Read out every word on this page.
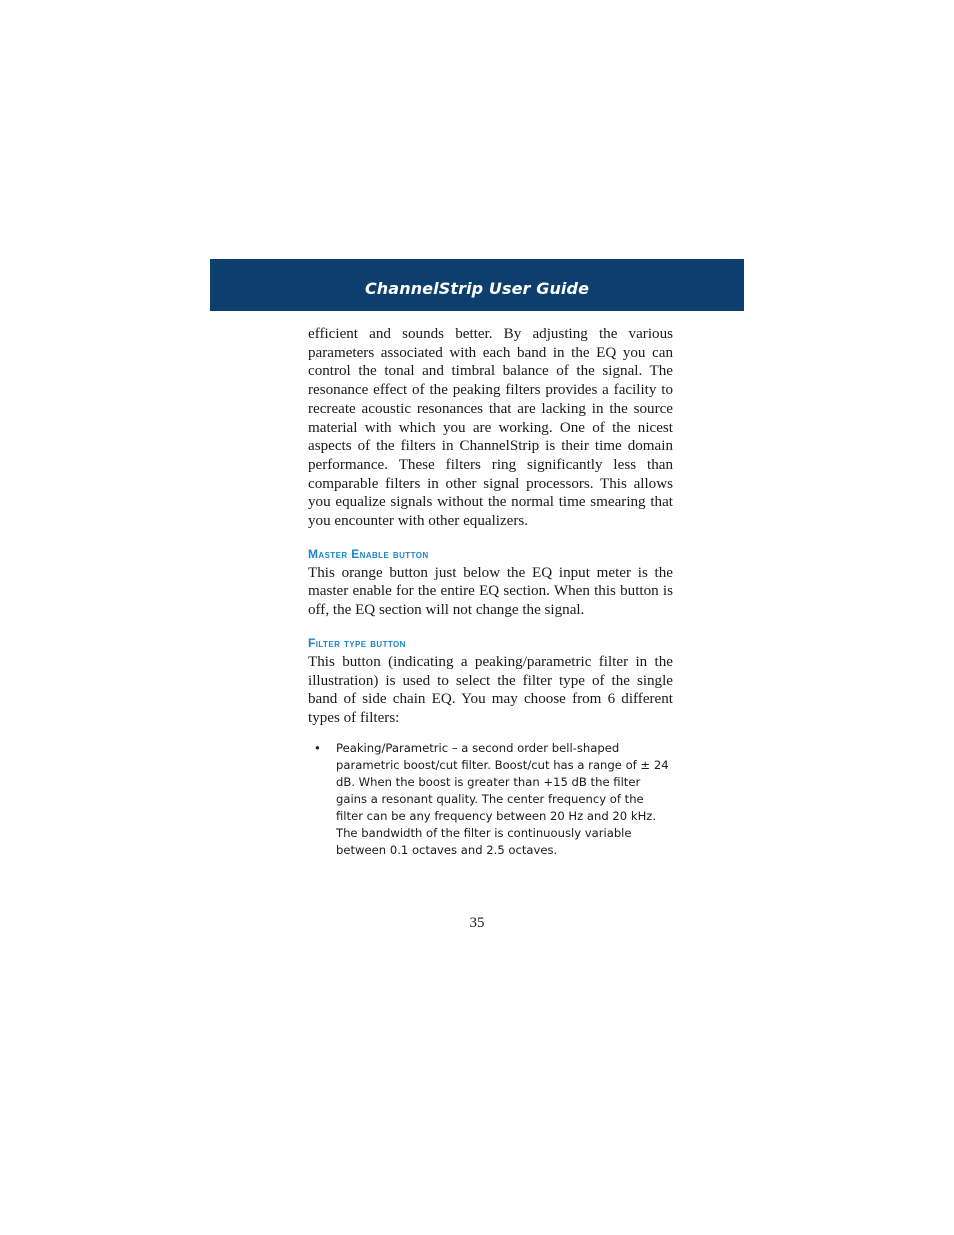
ChannelStrip User Guide

efficient and sounds better. By adjusting the various parameters associated with each band in the EQ you can control the tonal and timbral balance of the signal. The resonance effect of the peaking filters provides a facility to recreate acoustic resonances that are lacking in the source material with which you are working. One of the nicest aspects of the filters in ChannelStrip is their time domain performance. These filters ring significantly less than comparable filters in other signal processors. This allows you equalize signals without the normal time smearing that you encounter with other equalizers.

Master Enable button

This orange button just below the EQ input meter is the master enable for the entire EQ section. When this button is off, the EQ section will not change the signal.

Filter type button

This button (indicating a peaking/parametric filter in the illustration) is used to select the filter type of the single band of side chain EQ. You may choose from 6 different types of filters:

• Peaking/Parametric – a second order bell-shaped parametric boost/cut filter. Boost/cut has a range of ± 24 dB. When the boost is greater than +15 dB the filter gains a resonant quality. The center frequency of the filter can be any frequency between 20 Hz and 20 kHz. The bandwidth of the filter is continuously variable between 0.1 octaves and 2.5 octaves.
35
